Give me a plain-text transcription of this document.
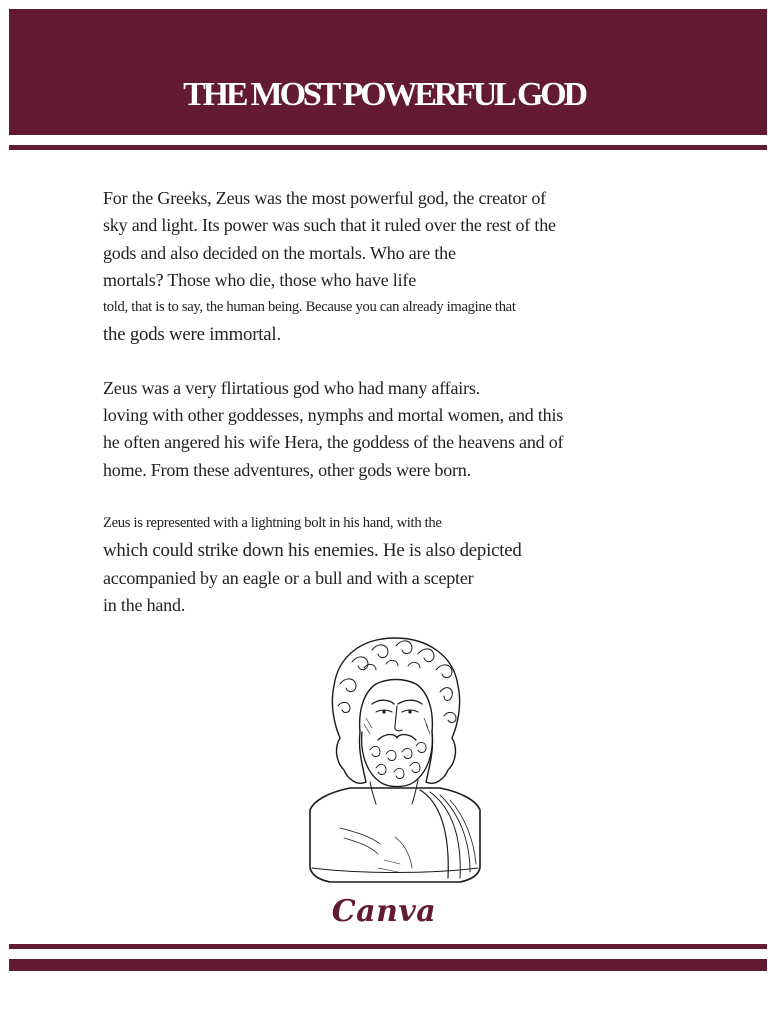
THE MOST POWERFUL GOD

For the Greeks, Zeus was the most powerful god, the creator of
sky and light. Its power was such that it ruled over the rest of the
gods and also decided on the mortals. Who are the
mortals? Those who die, those who have life
told, that is to say, the human being. Because you can already imagine that
the gods were immortal.

Zeus was a very flirtatious god who had many affairs.
loving with other goddesses, nymphs and mortal women, and this
he often angered his wife Hera, the goddess of the heavens and of
home. From these adventures, other gods were born.

Zeus is represented with a lightning bolt in his hand, with the
which could strike down his enemies. He is also depicted
accompanied by an eagle or a bull and with a scepter
in the hand.

Canva
